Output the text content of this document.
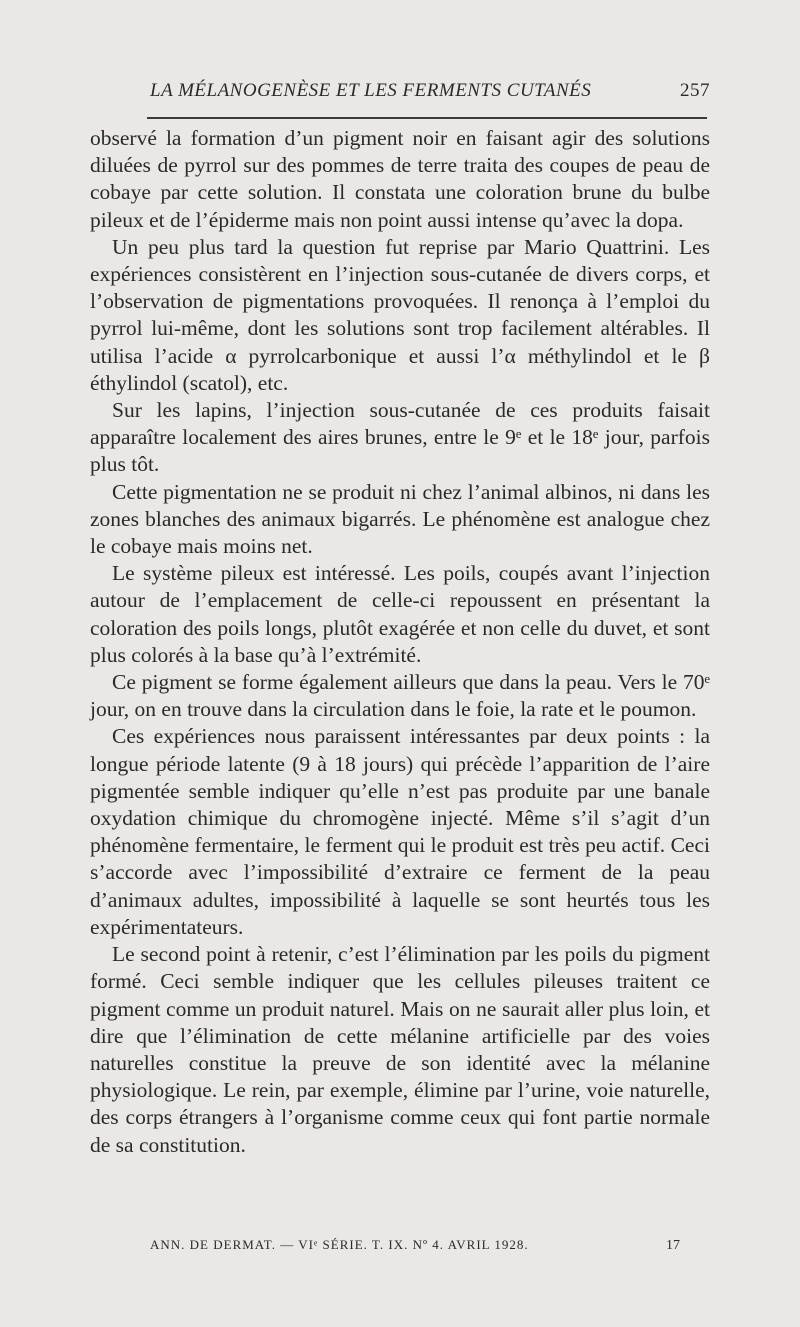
LA MÉLANOGENÈSE ET LES FERMENTS CUTANÉS	257

observé la formation d’un pigment noir en faisant agir des solutions diluées de pyrrol sur des pommes de terre traita des coupes de peau de cobaye par cette solution. Il constata une coloration brune du bulbe pileux et de l’épiderme mais non point aussi intense qu’avec la dopa.

Un peu plus tard la question fut reprise par Mario Quattrini. Les expériences consistèrent en l’injection sous-cutanée de divers corps, et l’observation de pigmentations provoquées. Il renonça à l’emploi du pyrrol lui-même, dont les solutions sont trop facilement altérables. Il utilisa l’acide α pyrrolcarbonique et aussi l’α méthylindol et le β éthylindol (scatol), etc.

Sur les lapins, l’injection sous-cutanée de ces produits faisait apparaître localement des aires brunes, entre le 9ᵉ et le 18ᵉ jour, parfois plus tôt.

Cette pigmentation ne se produit ni chez l’animal albinos, ni dans les zones blanches des animaux bigarrés. Le phénomène est analogue chez le cobaye mais moins net.

Le système pileux est intéressé. Les poils, coupés avant l’injection autour de l’emplacement de celle-ci repoussent en présentant la coloration des poils longs, plutôt exagérée et non celle du duvet, et sont plus colorés à la base qu’à l’extrémité.

Ce pigment se forme également ailleurs que dans la peau. Vers le 70ᵉ jour, on en trouve dans la circulation dans le foie, la rate et le poumon.

Ces expériences nous paraissent intéressantes par deux points : la longue période latente (9 à 18 jours) qui précède l’apparition de l’aire pigmentée semble indiquer qu’elle n’est pas produite par une banale oxydation chimique du chromogène injecté. Même s’il s’agit d’un phénomène fermentaire, le ferment qui le produit est très peu actif. Ceci s’accorde avec l’impossibilité d’extraire ce ferment de la peau d’animaux adultes, impossibilité à laquelle se sont heurtés tous les expérimentateurs.

Le second point à retenir, c’est l’élimination par les poils du pigment formé. Ceci semble indiquer que les cellules pileuses traitent ce pigment comme un produit naturel. Mais on ne saurait aller plus loin, et dire que l’élimination de cette mélanine artificielle par des voies naturelles constitue la preuve de son identité avec la mélanine physiologique. Le rein, par exemple, élimine par l’urine, voie naturelle, des corps étrangers à l’organisme comme ceux qui font partie normale de sa constitution.

ANN. DE DERMAT. — VIᵉ SÉRIE. T. IX. Nº 4. AVRIL 1928.	17
